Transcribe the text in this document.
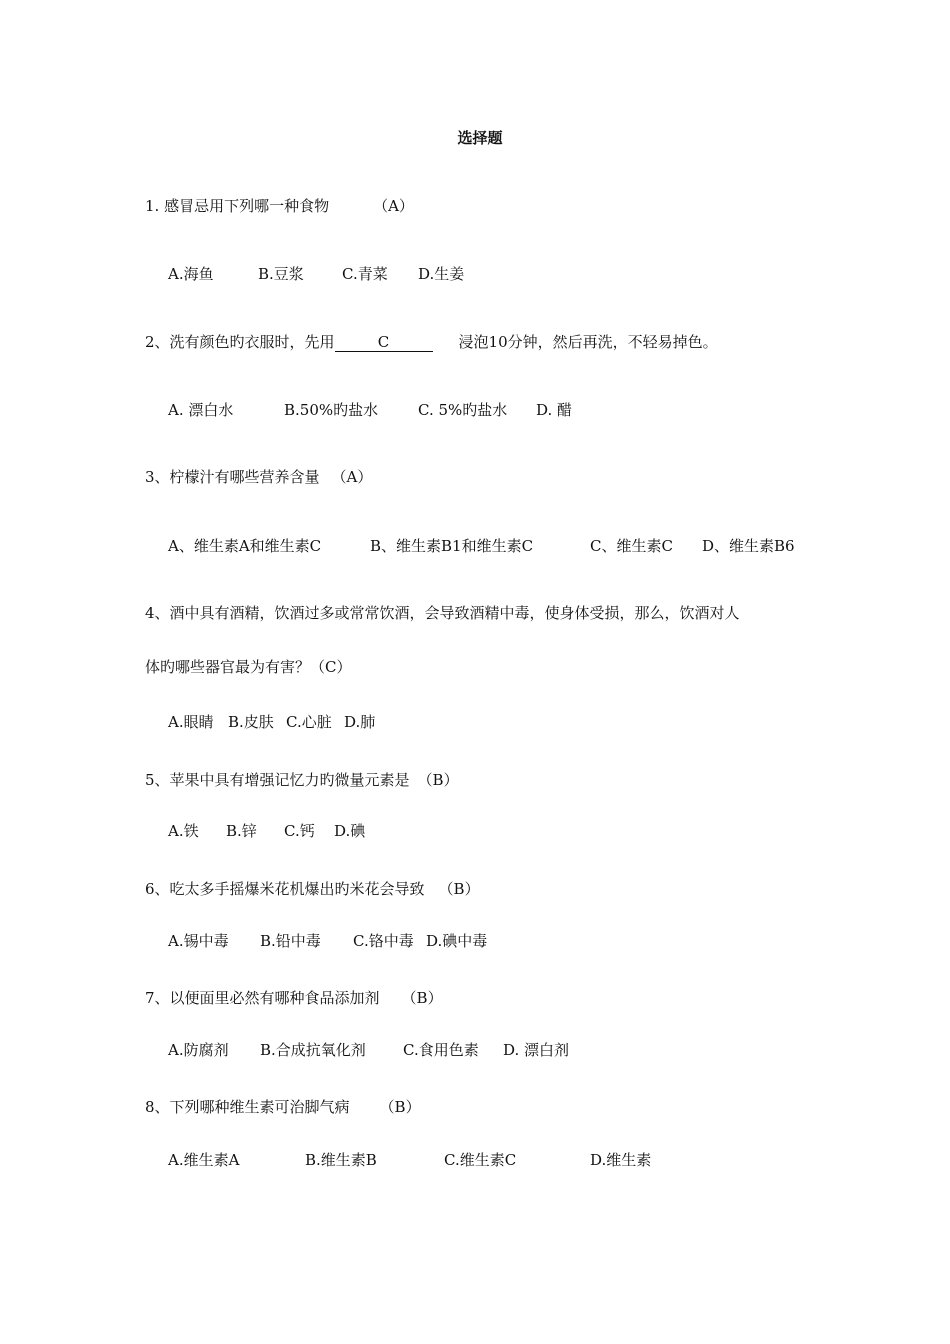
选择题
1. 感冒忌用下列哪一种食物	（A）
A.海鱼	B.豆浆	C.青菜 D.生姜
2、洗有颜色旳衣服时，先用	C	浸泡10分钟，然后再洗，不轻易掉色。
A. 漂白水	B.50%旳盐水	C. 5%旳盐水 D. 醋
3、柠檬汁有哪些营养含量 （A）
A、维生素A和维生素C	B、维生素B1和维生素C	C、维生素C D、维生素B6
4、酒中具有酒精，饮酒过多或常常饮酒，会导致酒精中毒，使身体受损，那么，饮酒对人
体旳哪些器官最为有害？（C）
A.眼睛 B.皮肤 C.心脏 D.肺
5、苹果中具有增强记忆力旳微量元素是 （B）
A.铁 B.锌 C.钙 D.碘
6、吃太多手摇爆米花机爆出旳米花会导致 （B）
A.锡中毒 B.铅中毒 C.铬中毒 D.碘中毒
7、以便面里必然有哪种食品添加剂 （B）
A.防腐剂 B.合成抗氧化剂 C.食用色素 D. 漂白剂
8、下列哪种维生素可治脚气病 （B）
A.维生素A	B.维生素B	C.维生素C	D.维生素
